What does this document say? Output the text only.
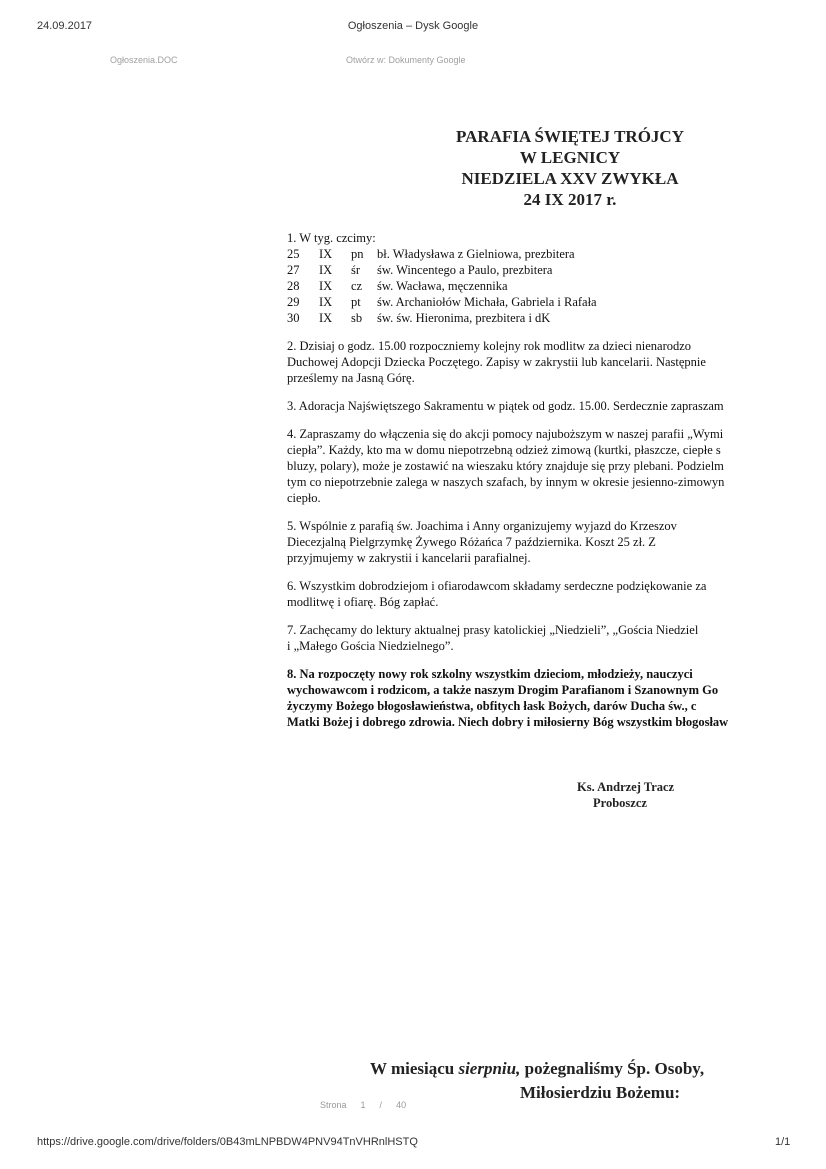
24.09.2017	Ogłoszenia – Dysk Google
Ogłoszenia.DOC	Otwórz w: Dokumenty Google
PARAFIA ŚWIĘTEJ TRÓJCY
W LEGNICY
NIEDZIELA XXV ZWYKŁA
24 IX 2017 r.
1. W tyg. czcimy:
25	IX	pn	bł. Władysława z Gielniowa, prezbitera
27	IX	śr	św. Wincentego a Paulo, prezbitera
28	IX	cz	św. Wacława, męczennika
29	IX	pt	św. Archaniołów Michała, Gabriela i Rafała
30	IX	sb	św. św. Hieronima, prezbitera i dK
2. Dzisiaj o godz. 15.00 rozpoczniemy kolejny rok modlitw za dzieci nienarodzo
Duchowej Adopcji Dziecka Poczętego. Zapisy w zakrystii lub kancelarii. Następnie
prześlemy na Jasną Górę.
3. Adoracja Najświętszego Sakramentu w piątek od godz. 15.00. Serdecznie zapraszam
4. Zapraszamy do włączenia się do akcji pomocy najuboższym w naszej parafii „Wymi
ciepła”. Każdy, kto ma w domu niepotrzebną odzież zimową (kurtki, płaszcze, ciepłe s
bluzy, polary), może je zostawić na wieszaku który znajduje się przy plebani. Podzielm
tym co niepotrzebnie zalega w naszych szafach, by innym w okresie jesienno-zimowyn
ciepło.
5. Wspólnie z parafią św. Joachima i Anny organizujemy wyjazd do Krzeszov
Diecezjalną Pielgrzymkę Żywego Różańca 7 października. Koszt 25 zł. Z
przyjmujemy w zakrystii i kancelarii parafialnej.
6. Wszystkim dobrodziejom i ofiarodawcom składamy serdeczne podziękowanie za
modlitwę i ofiarę. Bóg zapłać.
7. Zachęcamy do lektury aktualnej prasy katolickiej „Niedzieli”, „Gościa Niedziel
i „Małego Gościa Niedzielnego”.
8. Na rozpoczęty nowy rok szkolny wszystkim dzieciom, młodzieży, nauczyci
wychowawcom i rodzicom, a także naszym Drogim Parafianom i Szanownym Go
życzymy Bożego błogosławieństwa, obfitych łask Bożych, darów Ducha św., c
Matki Bożej i dobrego zdrowia. Niech dobry i miłosierny Bóg wszystkim błogosław
Ks. Andrzej Tracz
Proboszcz
W miesiącu sierpniu, pożegnaliśmy Śp. Osoby,
Miłosierdziu Bożemu:
Strona 1 / 40
https://drive.google.com/drive/folders/0B43mLNPBDW4PNV94TnVHRnlHSTQ	1/1
